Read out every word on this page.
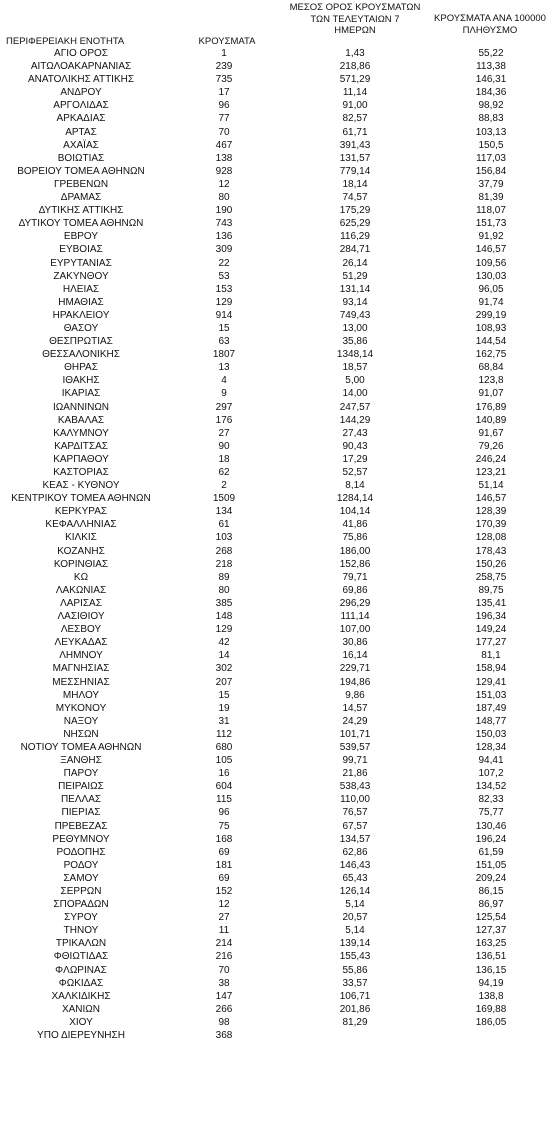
ΠΕΡΙΦΕΡΕΙΑΚΗ ΕΝΟΤΗΤΑ	ΚΡΟΥΣΜΑΤΑ
ΜΕΣΟΣ ΟΡΟΣ ΚΡΟΥΣΜΑΤΩΝ
ΤΩΝ ΤΕΛΕΥΤΑΙΩΝ 7
ΗΜΕΡΩΝ
ΚΡΟΥΣΜΑΤΑ ΑΝΑ 100000
ΠΛΗΘΥΣΜΟ
ΑΓΙΟ ΟΡΟΣ	1	1,43	55,22
ΑΙΤΩΛΟΑΚΑΡΝΑΝΙΑΣ	239	218,86	113,38
ΑΝΑΤΟΛΙΚΗΣ ΑΤΤΙΚΗΣ	735	571,29	146,31
ΑΝΔΡΟΥ	17	11,14	184,36
ΑΡΓΟΛΙΔΑΣ	96	91,00	98,92
ΑΡΚΑΔΙΑΣ	77	82,57	88,83
ΑΡΤΑΣ	70	61,71	103,13
ΑΧΑΪΑΣ	467	391,43	150,5
ΒΟΙΩΤΙΑΣ	138	131,57	117,03
ΒΟΡΕΙΟΥ ΤΟΜΕΑ ΑΘΗΝΩΝ	928	779,14	156,84
ΓΡΕΒΕΝΩΝ	12	18,14	37,79
ΔΡΑΜΑΣ	80	74,57	81,39
ΔΥΤΙΚΗΣ ΑΤΤΙΚΗΣ	190	175,29	118,07
ΔΥΤΙΚΟΥ ΤΟΜΕΑ ΑΘΗΝΩΝ	743	625,29	151,73
ΕΒΡΟΥ	136	116,29	91,92
ΕΥΒΟΙΑΣ	309	284,71	146,57
ΕΥΡΥΤΑΝΙΑΣ	22	26,14	109,56
ΖΑΚΥΝΘΟΥ	53	51,29	130,03
ΗΛΕΙΑΣ	153	131,14	96,05
ΗΜΑΘΙΑΣ	129	93,14	91,74
ΗΡΑΚΛΕΙΟΥ	914	749,43	299,19
ΘΑΣΟΥ	15	13,00	108,93
ΘΕΣΠΡΩΤΙΑΣ	63	35,86	144,54
ΘΕΣΣΑΛΟΝΙΚΗΣ	1807	1348,14	162,75
ΘΗΡΑΣ	13	18,57	68,84
ΙΘΑΚΗΣ	4	5,00	123,8
ΙΚΑΡΙΑΣ	9	14,00	91,07
ΙΩΑΝΝΙΝΩΝ	297	247,57	176,89
ΚΑΒΑΛΑΣ	176	144,29	140,89
ΚΑΛΥΜΝΟΥ	27	27,43	91,67
ΚΑΡΔΙΤΣΑΣ	90	90,43	79,26
ΚΑΡΠΑΘΟΥ	18	17,29	246,24
ΚΑΣΤΟΡΙΑΣ	62	52,57	123,21
ΚΕΑΣ - ΚΥΘΝΟΥ	2	8,14	51,14
ΚΕΝΤΡΙΚΟΥ ΤΟΜΕΑ ΑΘΗΝΩΝ	1509	1284,14	146,57
ΚΕΡΚΥΡΑΣ	134	104,14	128,39
ΚΕΦΑΛΛΗΝΙΑΣ	61	41,86	170,39
ΚΙΛΚΙΣ	103	75,86	128,08
ΚΟΖΑΝΗΣ	268	186,00	178,43
ΚΟΡΙΝΘΙΑΣ	218	152,86	150,26
ΚΩ	89	79,71	258,75
ΛΑΚΩΝΙΑΣ	80	69,86	89,75
ΛΑΡΙΣΑΣ	385	296,29	135,41
ΛΑΣΙΘΙΟΥ	148	111,14	196,34
ΛΕΣΒΟΥ	129	107,00	149,24
ΛΕΥΚΑΔΑΣ	42	30,86	177,27
ΛΗΜΝΟΥ	14	16,14	81,1
ΜΑΓΝΗΣΙΑΣ	302	229,71	158,94
ΜΕΣΣΗΝΙΑΣ	207	194,86	129,41
ΜΗΛΟΥ	15	9,86	151,03
ΜΥΚΟΝΟΥ	19	14,57	187,49
ΝΑΞΟΥ	31	24,29	148,77
ΝΗΣΩΝ	112	101,71	150,03
ΝΟΤΙΟΥ ΤΟΜΕΑ ΑΘΗΝΩΝ	680	539,57	128,34
ΞΑΝΘΗΣ	105	99,71	94,41
ΠΑΡΟΥ	16	21,86	107,2
ΠΕΙΡΑΙΩΣ	604	538,43	134,52
ΠΕΛΛΑΣ	115	110,00	82,33
ΠΙΕΡΙΑΣ	96	76,57	75,77
ΠΡΕΒΕΖΑΣ	75	67,57	130,46
ΡΕΘΥΜΝΟΥ	168	134,57	196,24
ΡΟΔΟΠΗΣ	69	62,86	61,59
ΡΟΔΟΥ	181	146,43	151,05
ΣΑΜΟΥ	69	65,43	209,24
ΣΕΡΡΩΝ	152	126,14	86,15
ΣΠΟΡΑΔΩΝ	12	5,14	86,97
ΣΥΡΟΥ	27	20,57	125,54
ΤΗΝΟΥ	11	5,14	127,37
ΤΡΙΚΑΛΩΝ	214	139,14	163,25
ΦΘΙΩΤΙΔΑΣ	216	155,43	136,51
ΦΛΩΡΙΝΑΣ	70	55,86	136,15
ΦΩΚΙΔΑΣ	38	33,57	94,19
ΧΑΛΚΙΔΙΚΗΣ	147	106,71	138,8
ΧΑΝΙΩΝ	266	201,86	169,88
ΧΙΟΥ	98	81,29	186,05
ΥΠΟ ΔΙΕΡΕΥΝΗΣΗ	368
